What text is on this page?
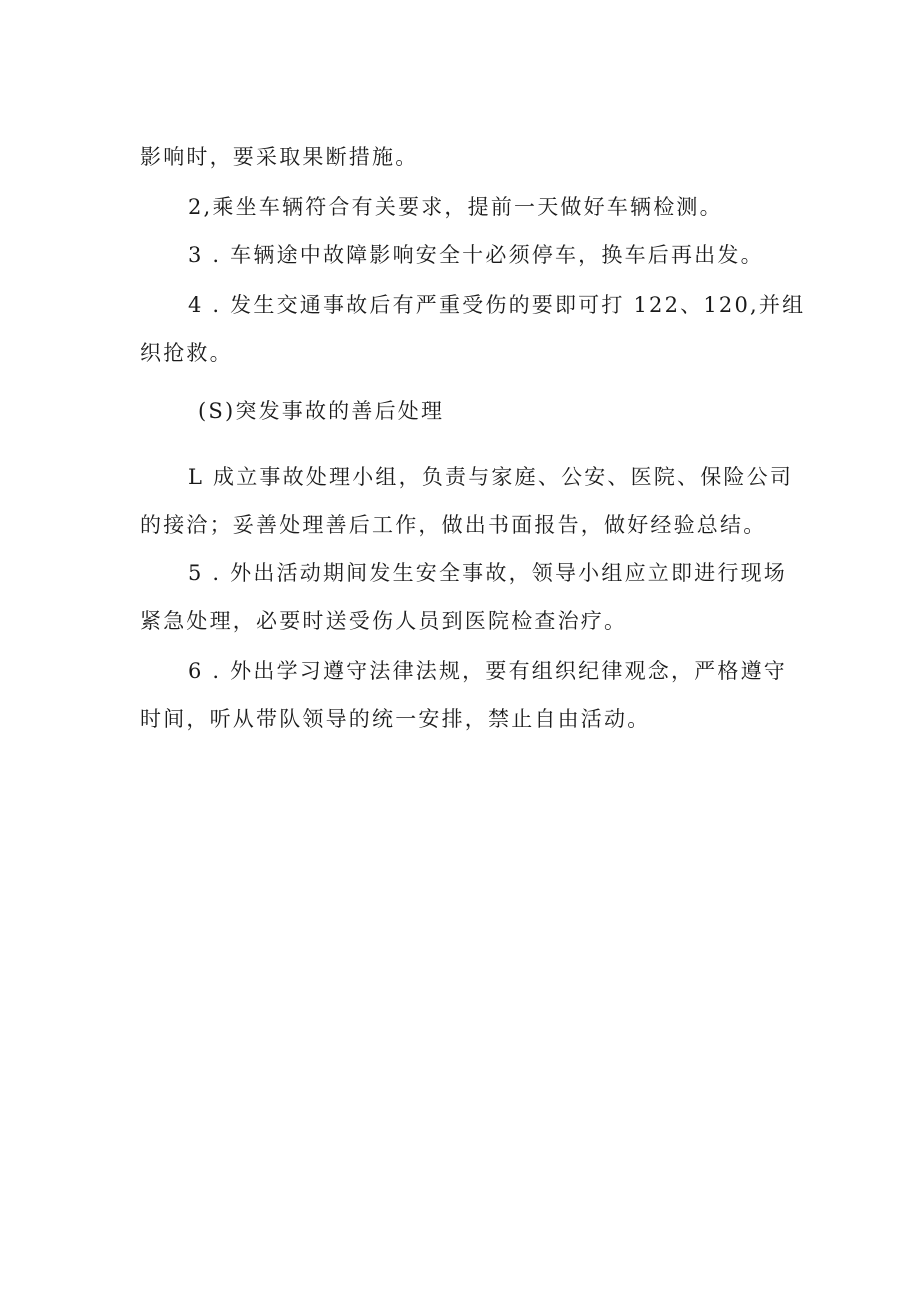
影响时，要采取果断措施。
2,乘坐车辆符合有关要求，提前一天做好车辆检测。
3 . 车辆途中故障影响安全十必须停车，换车后再出发。
4 . 发生交通事故后有严重受伤的要即可打 122、120,并组
织抢救。
(S)突发事故的善后处理
L 成立事故处理小组，负责与家庭、公安、医院、保险公司
的接洽；妥善处理善后工作，做出书面报告，做好经验总结。
5 . 外出活动期间发生安全事故，领导小组应立即进行现场
紧急处理，必要时送受伤人员到医院检查治疗。
6 . 外出学习遵守法律法规，要有组织纪律观念，严格遵守
时间，听从带队领导的统一安排，禁止自由活动。
